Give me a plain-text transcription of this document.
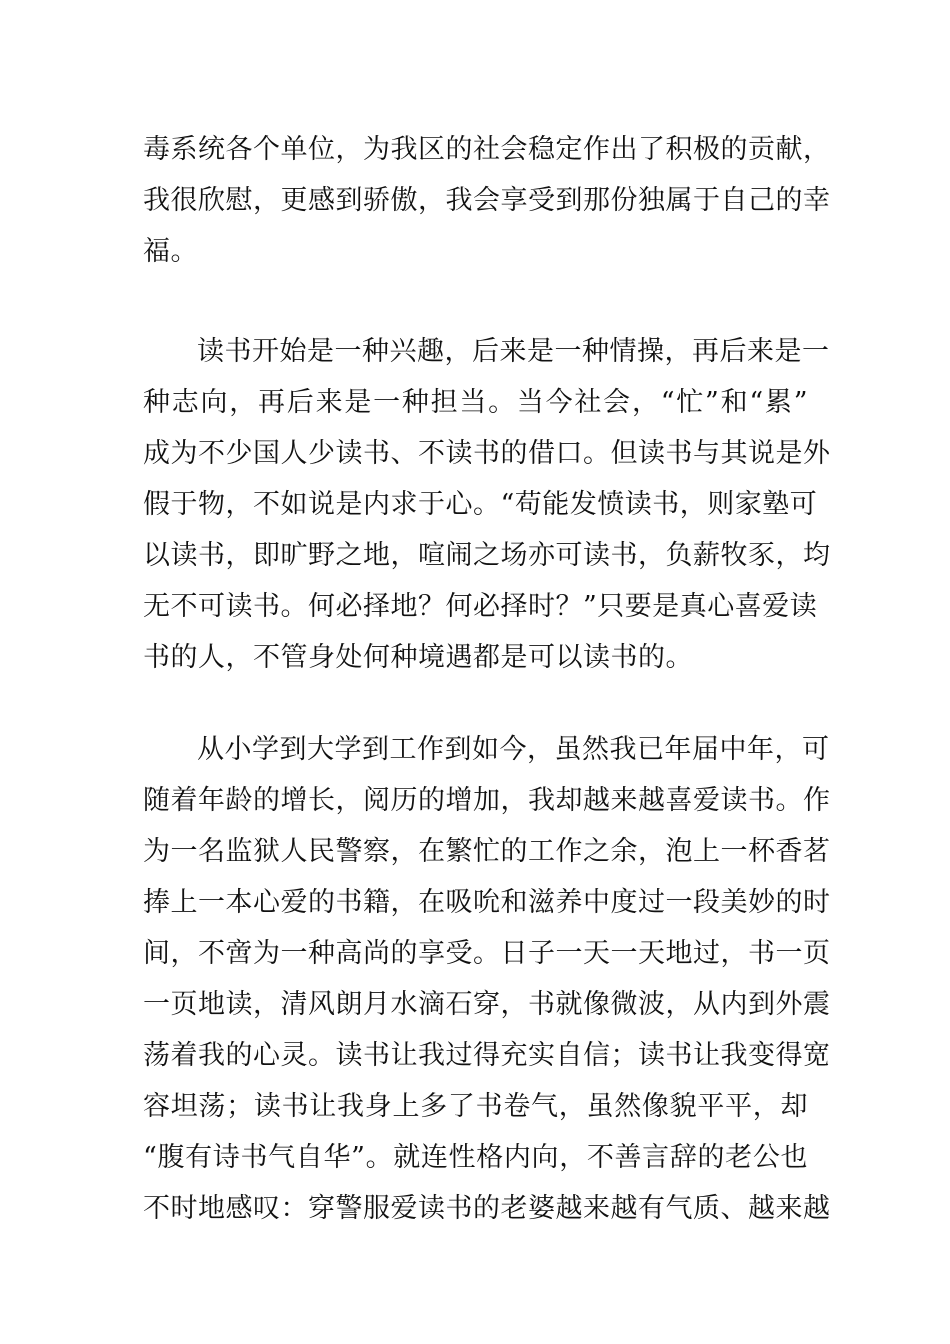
毒系统各个单位，为我区的社会稳定作出了积极的贡献，
我很欣慰，更感到骄傲，我会享受到那份独属于自己的幸
福。
读书开始是一种兴趣，后来是一种情操，再后来是一
种志向，再后来是一种担当。当今社会，“忙”和“累”
成为不少国人少读书、不读书的借口。但读书与其说是外
假于物，不如说是内求于心。“苟能发愤读书，则家塾可
以读书，即旷野之地，喧闹之场亦可读书，负薪牧豕，均
无不可读书。何必择地？何必择时？”只要是真心喜爱读
书的人，不管身处何种境遇都是可以读书的。
从小学到大学到工作到如今，虽然我已年届中年，可
随着年龄的增长，阅历的增加，我却越来越喜爱读书。作
为一名监狱人民警察，在繁忙的工作之余，泡上一杯香茗
捧上一本心爱的书籍，在吸吮和滋养中度过一段美妙的时
间，不啻为一种高尚的享受。日子一天一天地过，书一页
一页地读，清风朗月水滴石穿，书就像微波，从内到外震
荡着我的心灵。读书让我过得充实自信；读书让我变得宽
容坦荡；读书让我身上多了书卷气，虽然像貌平平，却
“腹有诗书气自华”。就连性格内向，不善言辞的老公也
不时地感叹：穿警服爱读书的老婆越来越有气质、越来越
